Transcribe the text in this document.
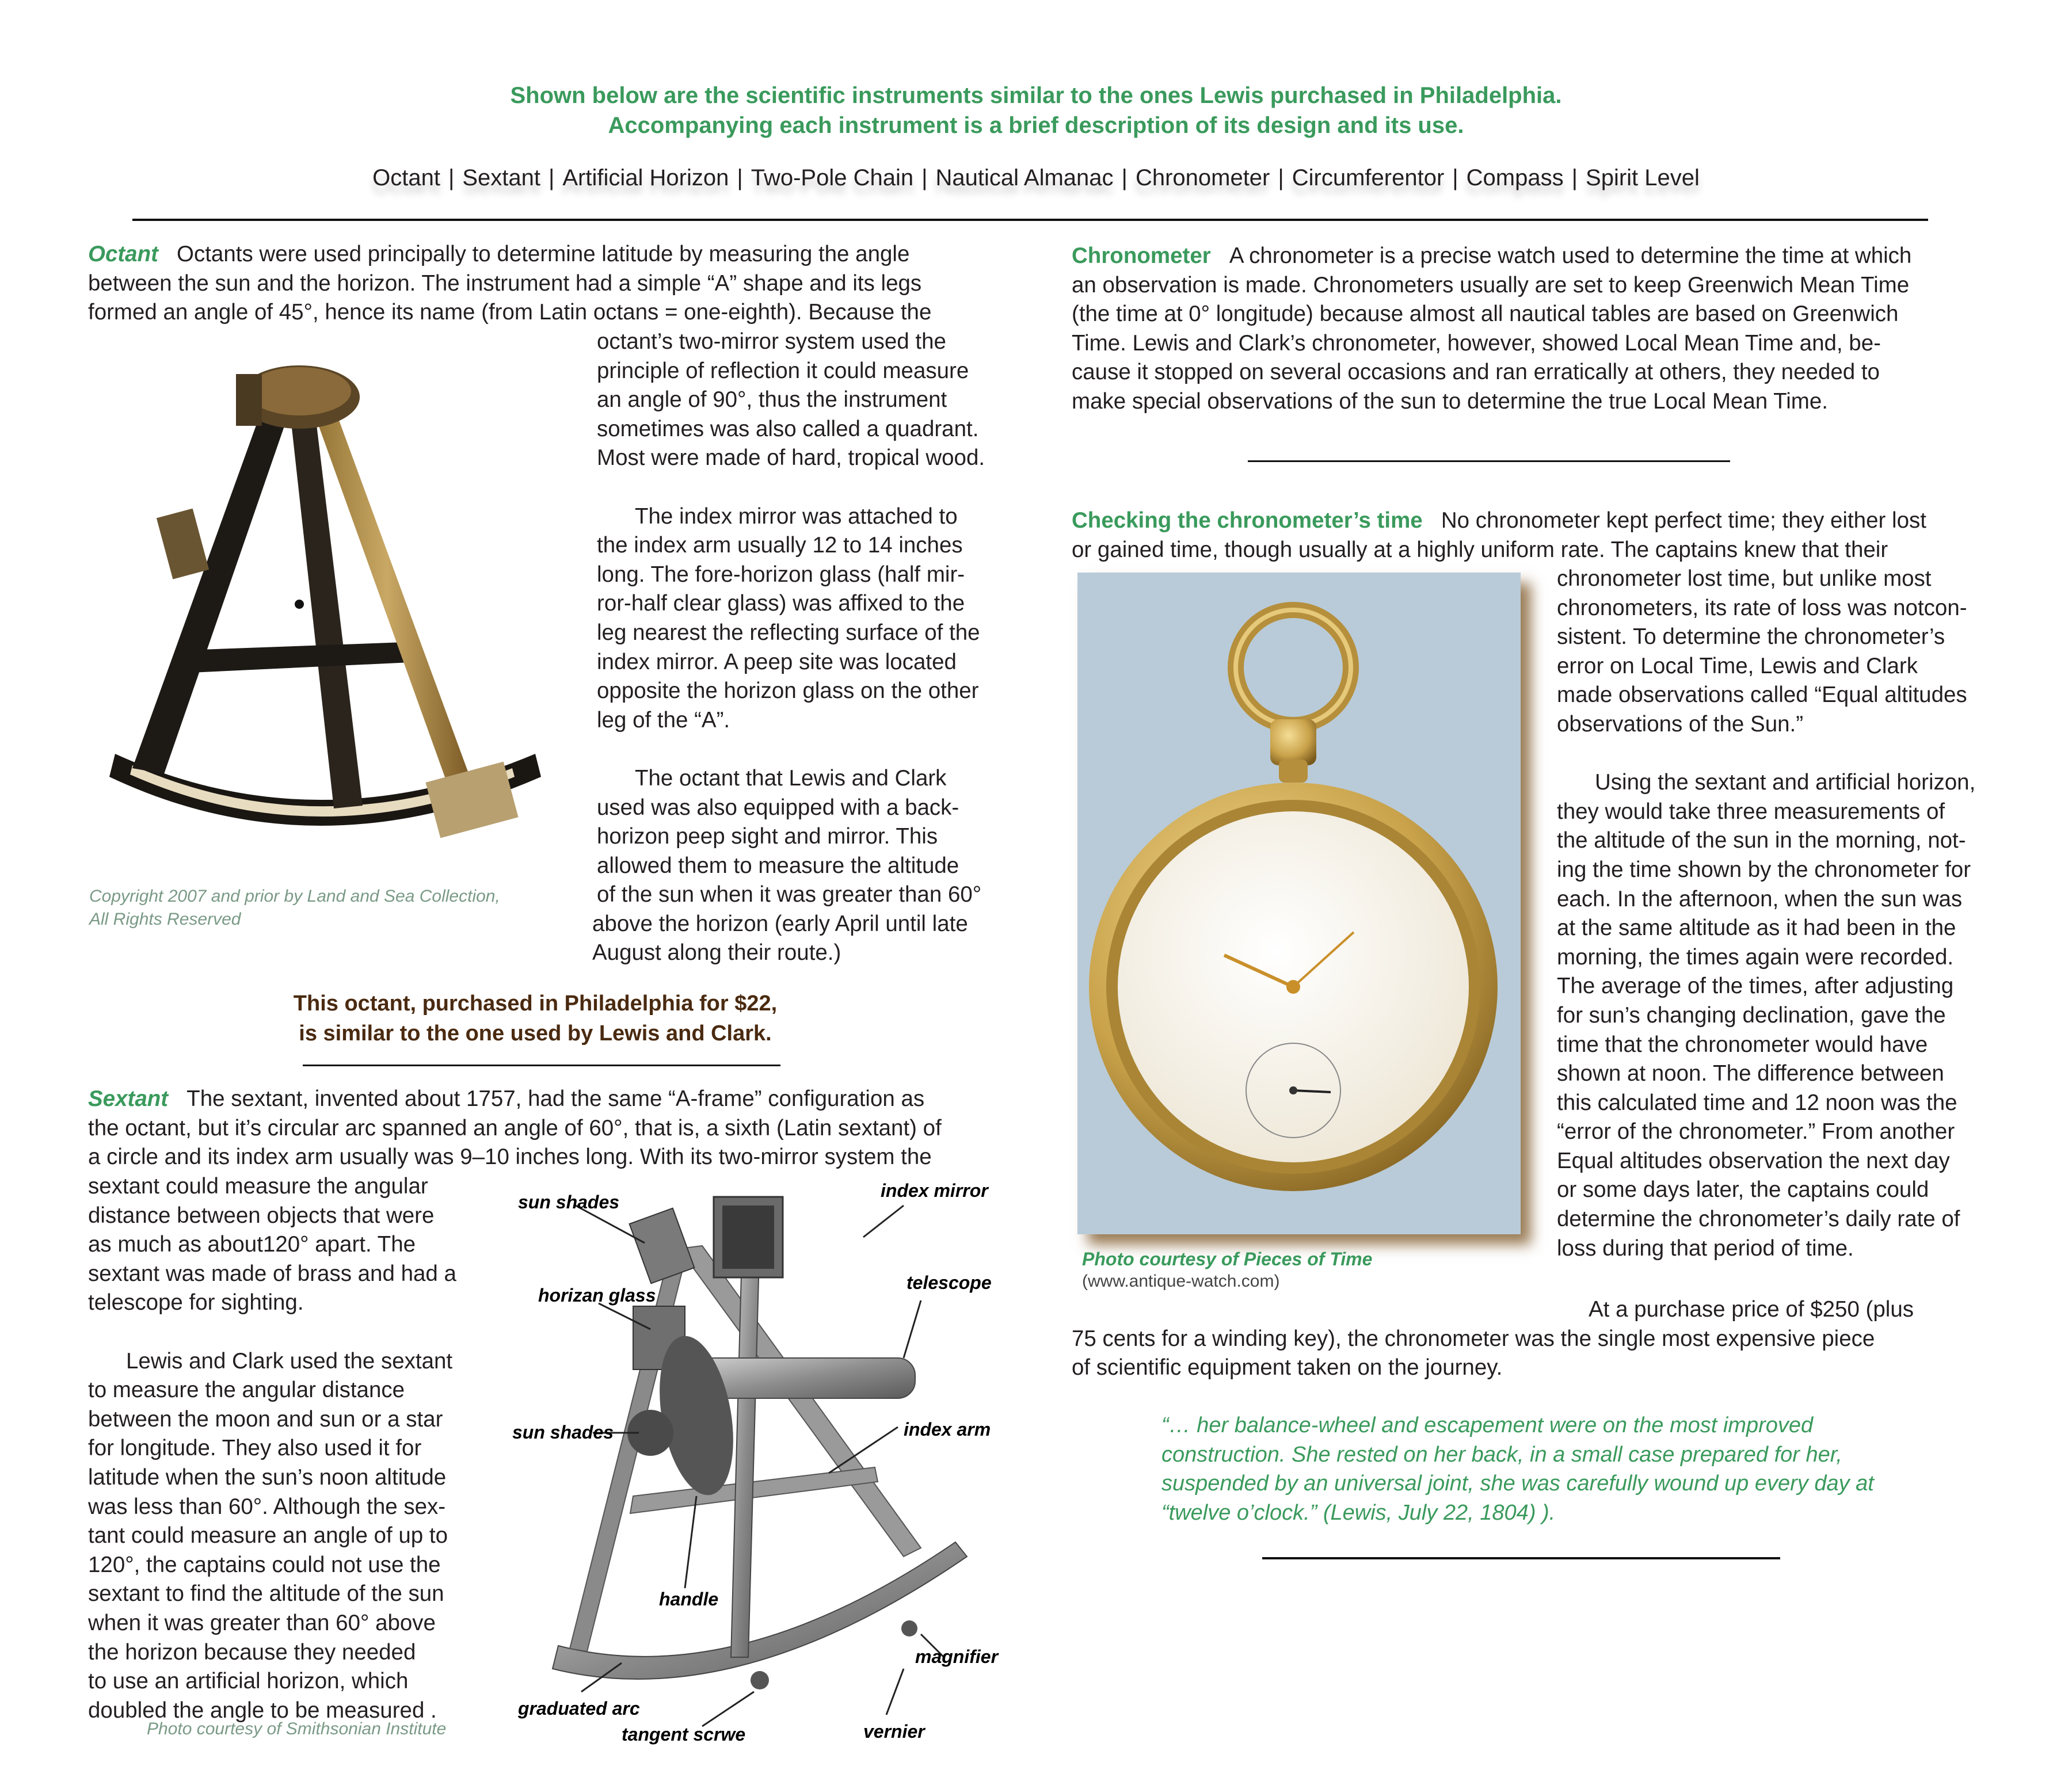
Shown below are the scientific instruments similar to the ones Lewis purchased in Philadelphia.
Accompanying each instrument is a brief description of its design and its use.
Octant | Sextant | Artificial Horizon | Two-Pole Chain | Nautical Almanac | Chronometer | Circumferentor | Compass | Spirit Level

Octant Octants were used principally to determine latitude by measuring the angle

between the sun and the horizon. The instrument had a simple “A” shape and its legs

formed an angle of 45°, hence its name (from Latin octans = one-eighth). Because the

octant’s two-mirror system used the

principle of reflection it could measure

an angle of 90°, thus the instrument

sometimes was also called a quadrant.

Most were made of hard, tropical wood.

The index mirror was attached to

the index arm usually 12 to 14 inches

long. The fore-horizon glass (half mir-

ror-half clear glass) was affixed to the

leg nearest the reflecting surface of the

index mirror. A peep site was located

opposite the horizon glass on the other

leg of the “A”.

The octant that Lewis and Clark

used was also equipped with a back-

horizon peep sight and mirror. This

allowed them to measure the altitude

of the sun when it was greater than 60°

above the horizon (early April until late

August along their route.)

Copyright 2007 and prior by Land and Sea Collection,
All Rights Reserved
This octant, purchased in Philadelphia for $22,
is similar to the one used by Lewis and Clark.

Sextant The sextant, invented about 1757, had the same “A-frame” configuration as

the octant, but it’s circular arc spanned an angle of 60°, that is, a sixth (Latin sextant) of

a circle and its index arm usually was 9–10 inches long. With its two-mirror system the

sextant could measure the angular

distance between objects that were

as much as about120° apart. The

sextant was made of brass and had a

telescope for sighting.

Lewis and Clark used the sextant

to measure the angular distance

between the moon and sun or a star

for longitude. They also used it for

latitude when the sun’s noon altitude

was less than 60°. Although the sex-

tant could measure an angle of up to

120°, the captains could not use the

sextant to find the altitude of the sun

when it was greater than 60° above

the horizon because they needed

to use an artificial horizon, which

doubled the angle to be measured .

Photo courtesy of Smithsonian Institute
sun shades
index mirror
horizan glass
telescope
sun shades	index arm
handle
magnifier
graduated arc
vernier
tangent scrwe

Chronometer A chronometer is a precise watch used to determine the time at which

an observation is made. Chronometers usually are set to keep Greenwich Mean Time

(the time at 0° longitude) because almost all nautical tables are based on Greenwich

Time. Lewis and Clark’s chronometer, however, showed Local Mean Time and, be-

cause it stopped on several occasions and ran erratically at others, they needed to

make special observations of the sun to determine the true Local Mean Time.

Checking the chronometer’s time No chronometer kept perfect time; they either lost

or gained time, though usually at a highly uniform rate. The captains knew that their

chronometer lost time, but unlike most

chronometers, its rate of loss was notcon-

sistent. To determine the chronometer’s

error on Local Time, Lewis and Clark

made observations called “Equal altitudes

observations of the Sun.”

Using the sextant and artificial horizon,

they would take three measurements of

the altitude of the sun in the morning, not-

ing the time shown by the chronometer for

each. In the afternoon, when the sun was

at the same altitude as it had been in the

morning, the times again were recorded.

The average of the times, after adjusting

for sun’s changing declination, gave the

time that the chronometer would have

shown at noon. The difference between

this calculated time and 12 noon was the

“error of the chronometer.” From another

Equal altitudes observation the next day

or some days later, the captains could

determine the chronometer’s daily rate of

loss during that period of time.

Photo courtesy of Pieces of Time
(www.antique-watch.com)
At a purchase price of $250 (plus
75 cents for a winding key), the chronometer was the single most expensive piece
of scientific equipment taken on the journey.

“… her balance-wheel and escapement were on the most improved

construction. She rested on her back, in a small case prepared for her,

suspended by an universal joint, she was carefully wound up every day at

“twelve o’clock.” (Lewis, July 22, 1804) ).
